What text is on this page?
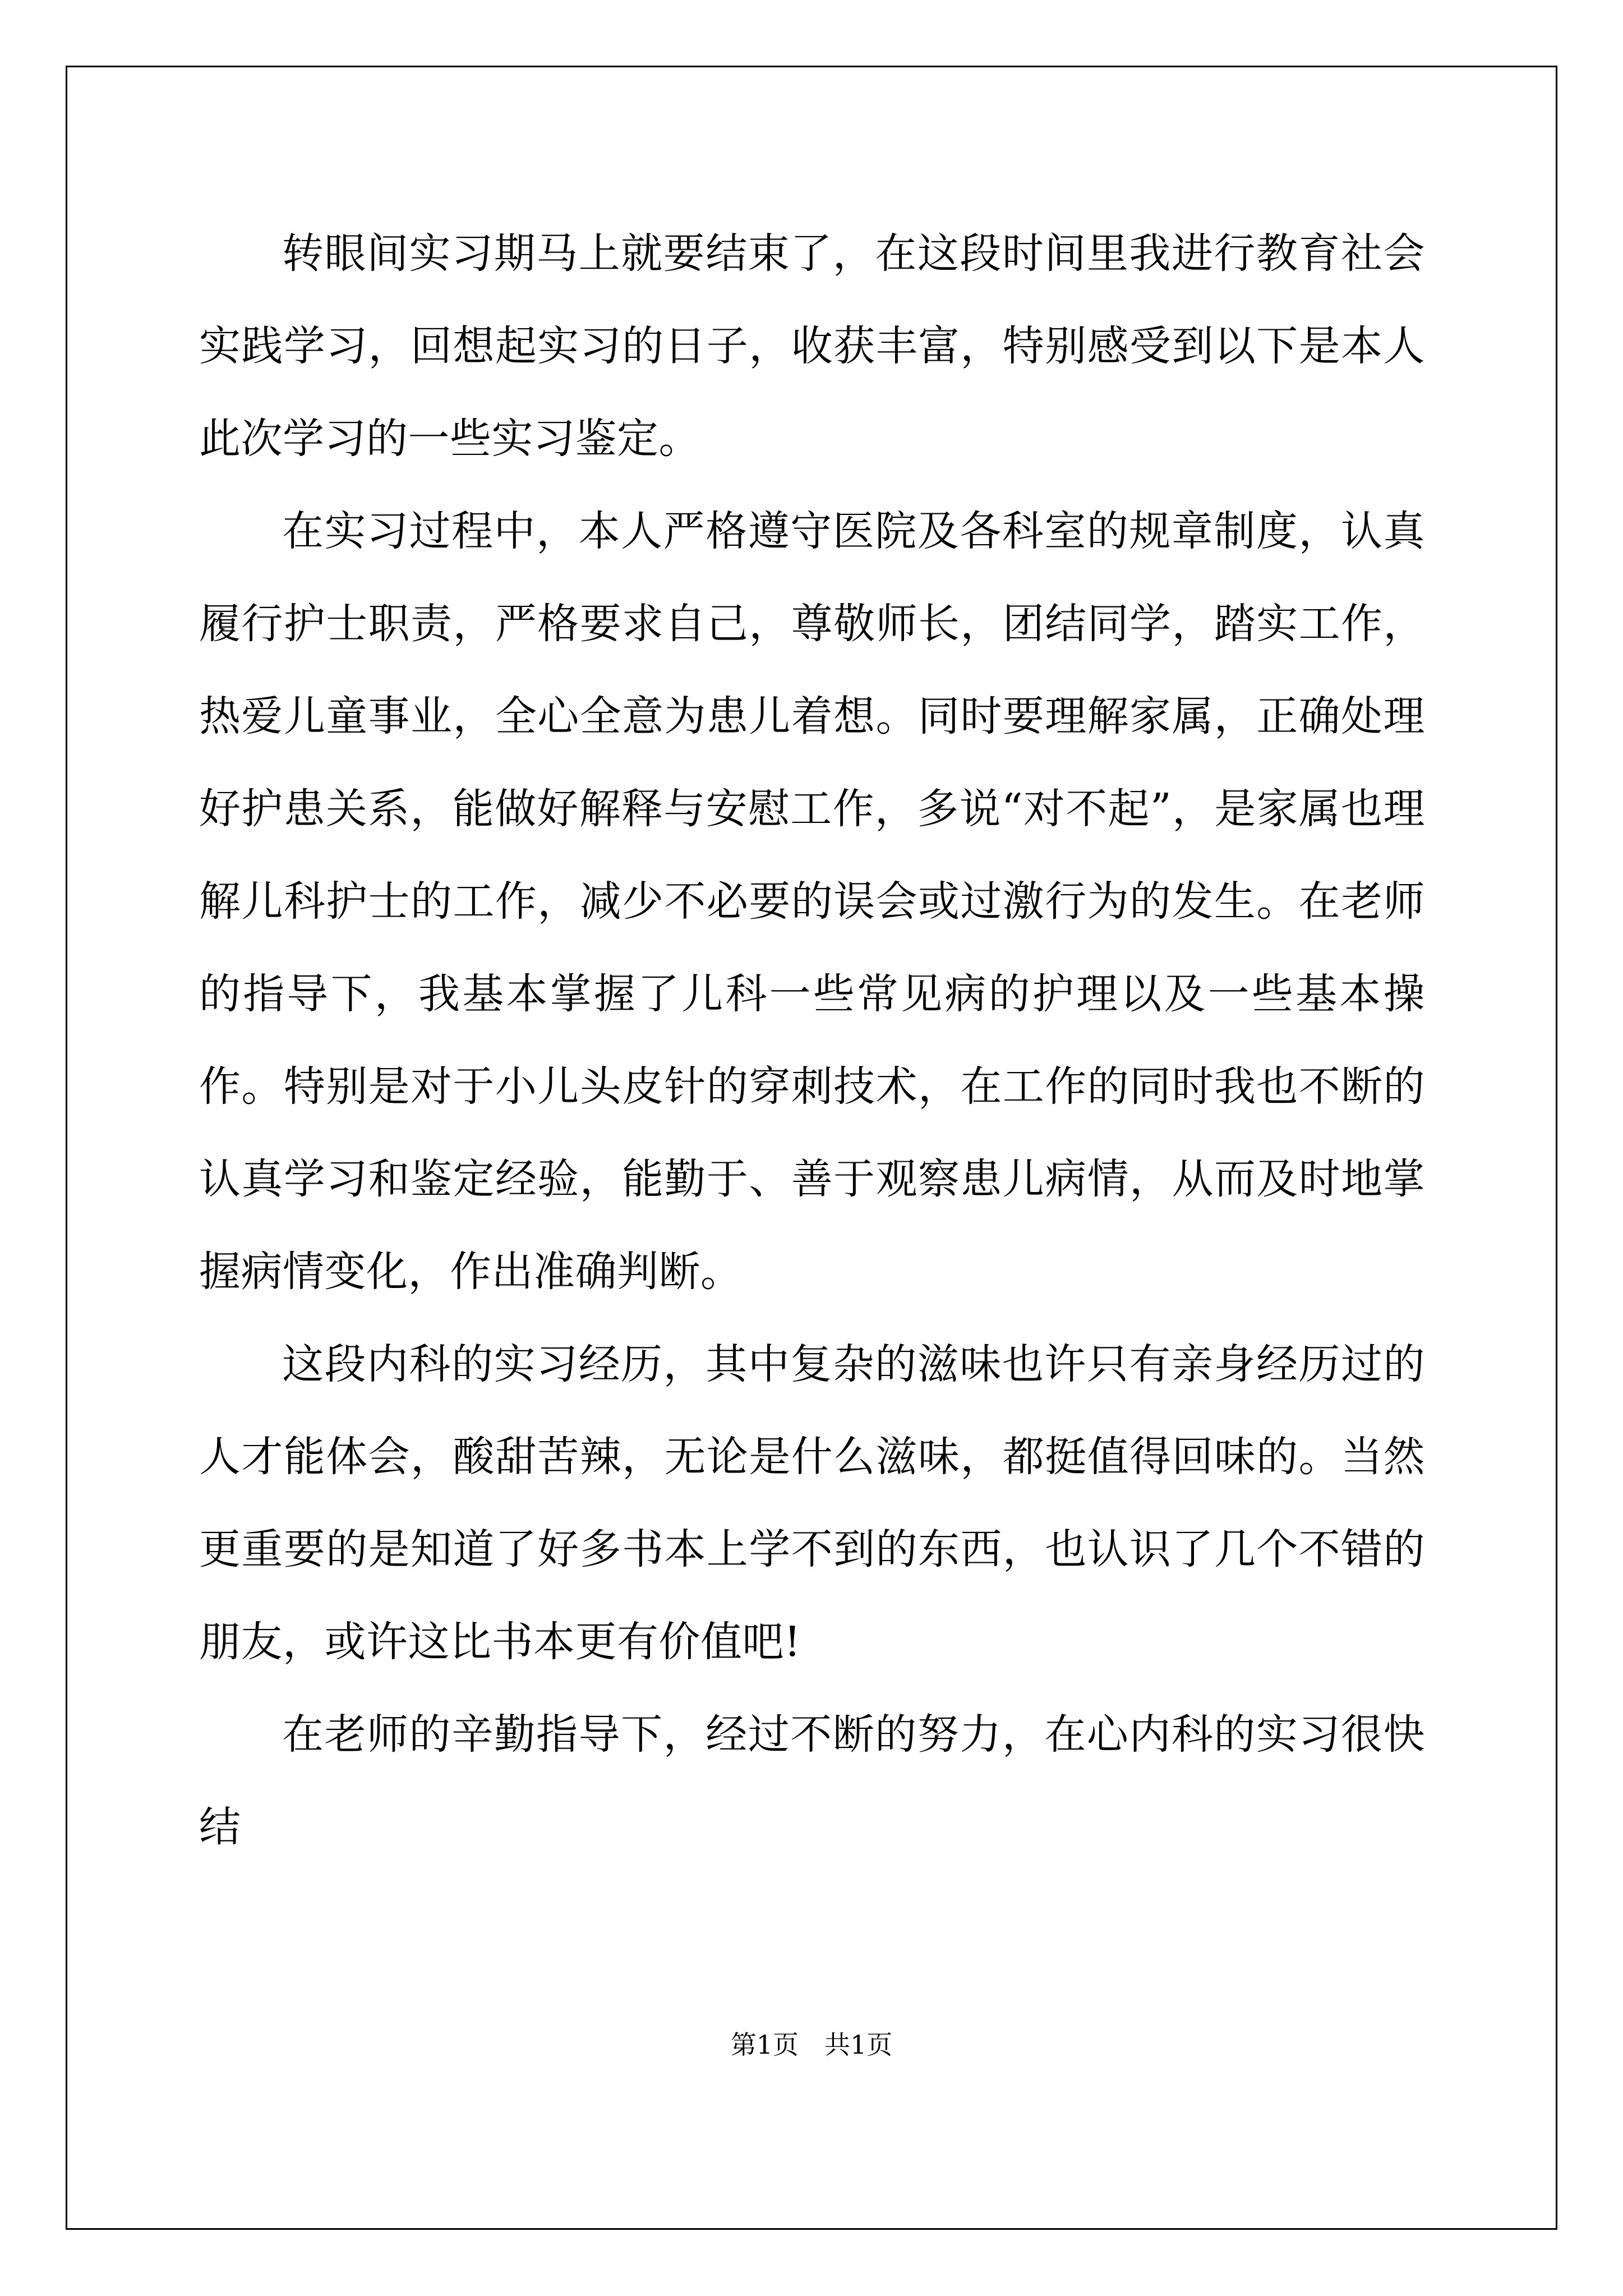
转眼间实习期马上就要结束了，在这段时间里我进行教育社会实践学习，回想起实习的日子，收获丰富，特别感受到以下是本人此次学习的一些实习鉴定。

在实习过程中，本人严格遵守医院及各科室的规章制度，认真履行护士职责，严格要求自己，尊敬师长，团结同学，踏实工作，热爱儿童事业，全心全意为患儿着想。同时要理解家属，正确处理好护患关系，能做好解释与安慰工作，多说“对不起”，是家属也理解儿科护士的工作，减少不必要的误会或过激行为的发生。在老师的指导下，我基本掌握了儿科一些常见病的护理以及一些基本操作。特别是对于小儿头皮针的穿刺技术，在工作的同时我也不断的认真学习和鉴定经验，能勤于、善于观察患儿病情，从而及时地掌握病情变化，作出准确判断。

这段内科的实习经历，其中复杂的滋味也许只有亲身经历过的人才能体会，酸甜苦辣，无论是什么滋味，都挺值得回味的。当然更重要的是知道了好多书本上学不到的东西，也认识了几个不错的朋友，或许这比书本更有价值吧!

在老师的辛勤指导下，经过不断的努力，在心内科的实习很快结

第1页　共1页
